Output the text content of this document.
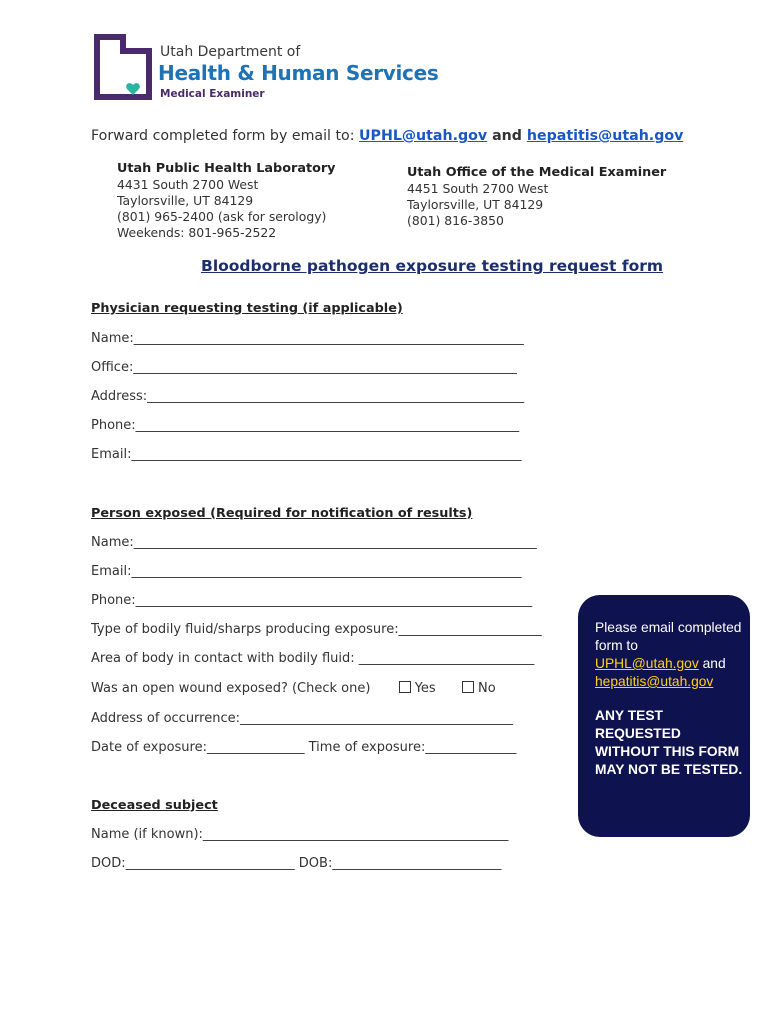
Utah Department of
Health & Human Services
Medical Examiner
Forward completed form by email to: UPHL@utah.gov and hepatitis@utah.gov
Utah Public Health Laboratory
4431 South 2700 West
Taylorsville, UT 84129
(801) 965-2400 (ask for serology)
Weekends: 801-965-2522
Utah Office of the Medical Examiner
4451 South 2700 West
Taylorsville, UT 84129
(801) 816-3850
Bloodborne pathogen exposure testing request form
Physician requesting testing (if applicable)
Name:____________________________________________________________
Office:___________________________________________________________
Address:__________________________________________________________
Phone:___________________________________________________________
Email:____________________________________________________________
Person exposed (Required for notification of results)
Name:______________________________________________________________
Email:____________________________________________________________
Phone:_____________________________________________________________
Type of bodily fluid/sharps producing exposure:______________________
Area of body in contact with bodily fluid: ___________________________
Was an open wound exposed? (Check one)	Yes	No
Address of occurrence:__________________________________________
Date of exposure:_______________ Time of exposure:______________
Deceased subject
Name (if known):_______________________________________________
DOD:__________________________ DOB:__________________________
Please email completed form to
UPHL@utah.gov and
hepatitis@utah.gov
ANY TEST REQUESTED WITHOUT THIS FORM MAY NOT BE TESTED.
